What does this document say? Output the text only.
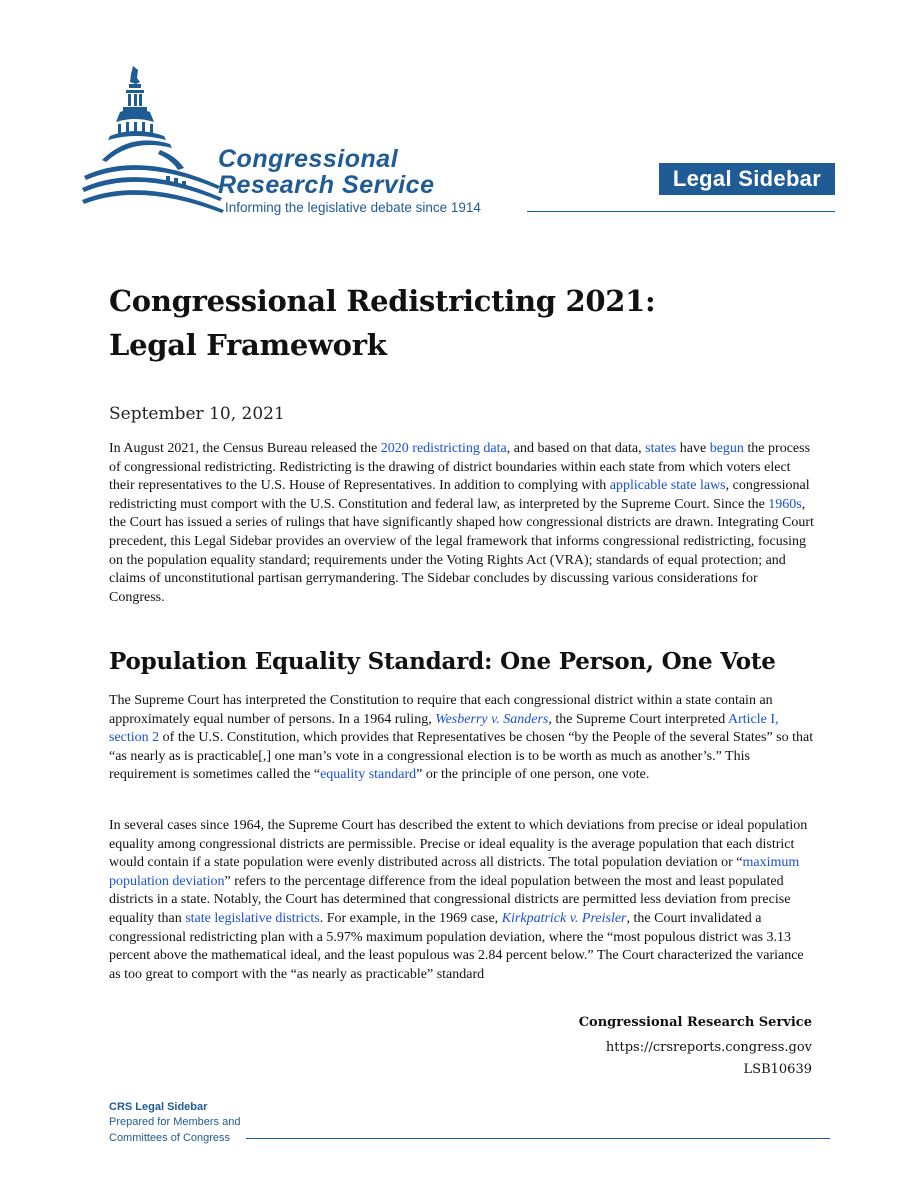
Congressional
Research Service
Informing the legislative debate since 1914
Legal Sidebar
Congressional Redistricting 2021:
Legal Framework
September 10, 2021

In August 2021, the Census Bureau released the 2020 redistricting data, and based on that data, states have begun the process of congressional redistricting. Redistricting is the drawing of district boundaries within each state from which voters elect their representatives to the U.S. House of Representatives. In addition to complying with applicable state laws, congressional redistricting must comport with the U.S. Constitution and federal law, as interpreted by the Supreme Court. Since the 1960s, the Court has issued a series of rulings that have significantly shaped how congressional districts are drawn. Integrating Court precedent, this Legal Sidebar provides an overview of the legal framework that informs congressional redistricting, focusing on the population equality standard; requirements under the Voting Rights Act (VRA); standards of equal protection; and claims of unconstitutional partisan gerrymandering. The Sidebar concludes by discussing various considerations for Congress.

Population Equality Standard: One Person, One Vote

The Supreme Court has interpreted the Constitution to require that each congressional district within a state contain an approximately equal number of persons. In a 1964 ruling, Wesberry v. Sanders, the Supreme Court interpreted Article I, section 2 of the U.S. Constitution, which provides that Representatives be chosen “by the People of the several States” so that “as nearly as is practicable[,] one man’s vote in a congressional election is to be worth as much as another’s.” This requirement is sometimes called the “equality standard” or the principle of one person, one vote.

In several cases since 1964, the Supreme Court has described the extent to which deviations from precise or ideal population equality among congressional districts are permissible. Precise or ideal equality is the average population that each district would contain if a state population were evenly distributed across all districts. The total population deviation or “maximum population deviation” refers to the percentage difference from the ideal population between the most and least populated districts in a state. Notably, the Court has determined that congressional districts are permitted less deviation from precise equality than state legislative districts. For example, in the 1969 case, Kirkpatrick v. Preisler, the Court invalidated a congressional redistricting plan with a 5.97% maximum population deviation, where the “most populous district was 3.13 percent above the mathematical ideal, and the least populous was 2.84 percent below.” The Court characterized the variance as too great to comport with the “as nearly as practicable” standard

Congressional Research Service
https://crsreports.congress.gov
LSB10639
CRS Legal Sidebar
Prepared for Members and
Committees of Congress
